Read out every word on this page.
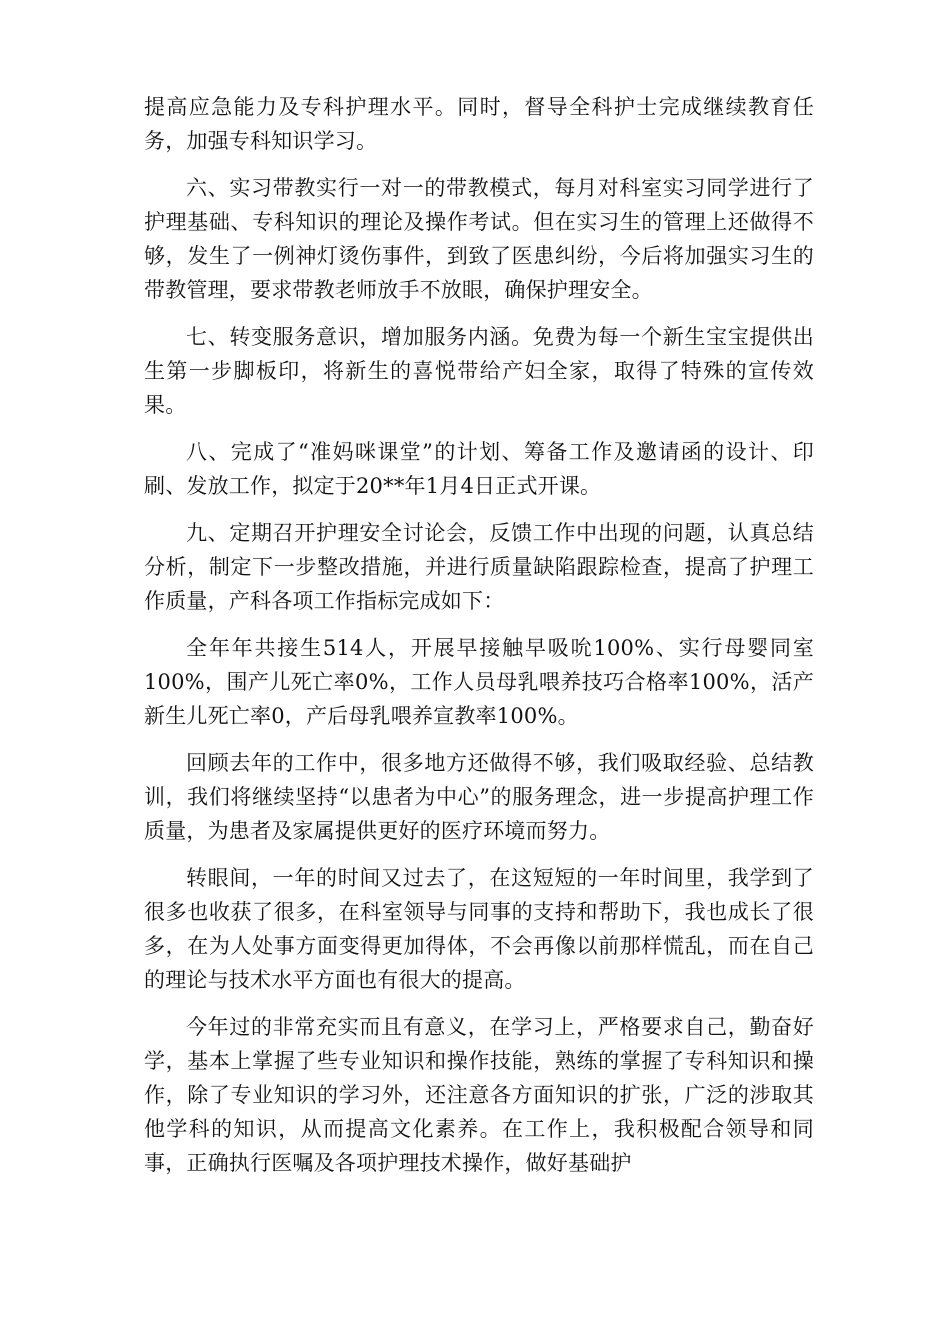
提高应急能力及专科护理水平。同时，督导全科护士完成继续教育任务，加强专科知识学习。

六、实习带教实行一对一的带教模式，每月对科室实习同学进行了护理基础、专科知识的理论及操作考试。但在实习生的管理上还做得不够，发生了一例神灯烫伤事件，到致了医患纠纷，今后将加强实习生的带教管理，要求带教老师放手不放眼，确保护理安全。

七、转变服务意识，增加服务内涵。免费为每一个新生宝宝提供出生第一步脚板印，将新生的喜悦带给产妇全家，取得了特殊的宣传效果。

八、完成了“准妈咪课堂”的计划、筹备工作及邀请函的设计、印刷、发放工作，拟定于20**年1月4日正式开课。

九、定期召开护理安全讨论会，反馈工作中出现的问题，认真总结分析，制定下一步整改措施，并进行质量缺陷跟踪检查，提高了护理工作质量，产科各项工作指标完成如下：

全年年共接生514人，开展早接触早吸吮100%、实行母婴同室100%，围产儿死亡率0%，工作人员母乳喂养技巧合格率100%，活产新生儿死亡率0，产后母乳喂养宣教率100%。

回顾去年的工作中，很多地方还做得不够，我们吸取经验、总结教训，我们将继续坚持“以患者为中心”的服务理念，进一步提高护理工作质量，为患者及家属提供更好的医疗环境而努力。

转眼间，一年的时间又过去了，在这短短的一年时间里，我学到了很多也收获了很多，在科室领导与同事的支持和帮助下，我也成长了很多，在为人处事方面变得更加得体，不会再像以前那样慌乱，而在自己的理论与技术水平方面也有很大的提高。

今年过的非常充实而且有意义，在学习上，严格要求自己，勤奋好学，基本上掌握了些专业知识和操作技能，熟练的掌握了专科知识和操作，除了专业知识的学习外，还注意各方面知识的扩张，广泛的涉取其他学科的知识，从而提高文化素养。在工作上，我积极配合领导和同事，正确执行医嘱及各项护理技术操作，做好基础护
